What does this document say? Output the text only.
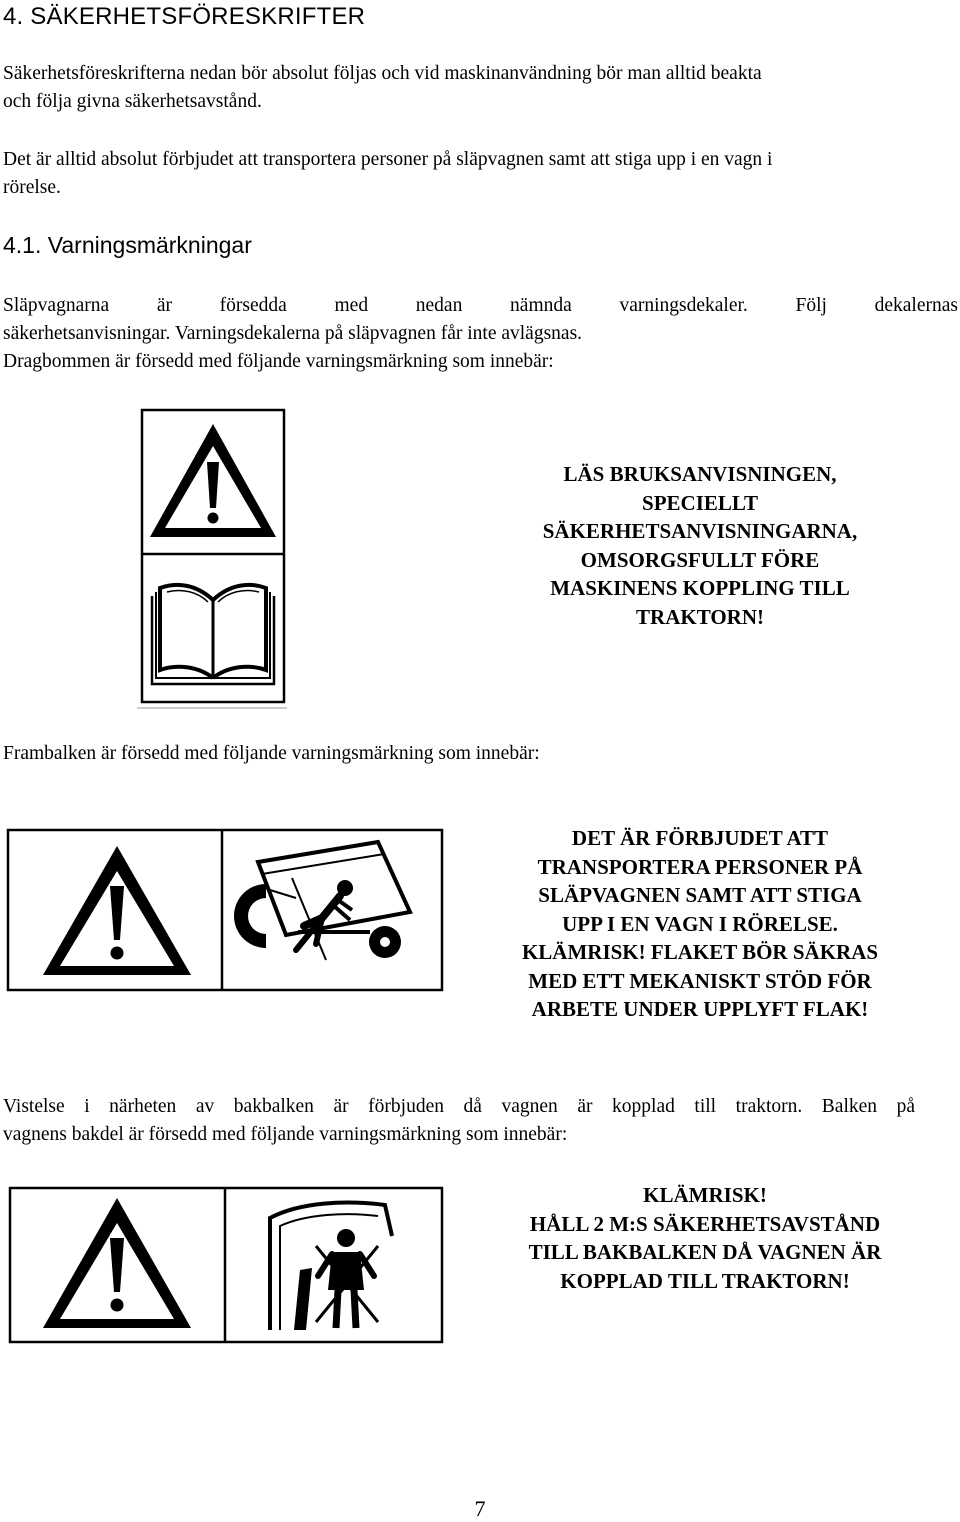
4. SÄKERHETSFÖRESKRIFTER
Säkerhetsföreskrifterna nedan bör absolut följas och vid maskinanvändning bör man alltid beakta
och följa givna säkerhetsavstånd.
Det är alltid absolut förbjudet att transportera personer på släpvagnen samt att stiga upp i en vagn i
rörelse.
4.1. Varningsmärkningar
Släpvagnarna är försedda med nedan nämnda varningsdekaler. Följ dekalernas
säkerhetsanvisningar. Varningsdekalerna på släpvagnen får inte avlägsnas.
Dragbommen är försedd med följande varningsmärkning som innebär:
LÄS BRUKSANVISNINGEN,
SPECIELLT
SÄKERHETSANVISNINGARNA,
OMSORGSFULLT FÖRE
MASKINENS KOPPLING TILL
TRAKTORN!
Frambalken är försedd med följande varningsmärkning som innebär:
DET ÄR FÖRBJUDET ATT
TRANSPORTERA PERSONER PÅ
SLÄPVAGNEN SAMT ATT STIGA
UPP I EN VAGN I RÖRELSE.
KLÄMRISK! FLAKET BÖR SÄKRAS
MED ETT MEKANISKT STÖD FÖR
ARBETE UNDER UPPLYFT FLAK!
Vistelse i närheten av bakbalken är förbjuden då vagnen är kopplad till traktorn. Balken på
vagnens bakdel är försedd med följande varningsmärkning som innebär:
KLÄMRISK!
HÅLL 2 M:S SÄKERHETSAVSTÅND
TILL BAKBALKEN DÅ VAGNEN ÄR
KOPPLAD TILL TRAKTORN!
7
